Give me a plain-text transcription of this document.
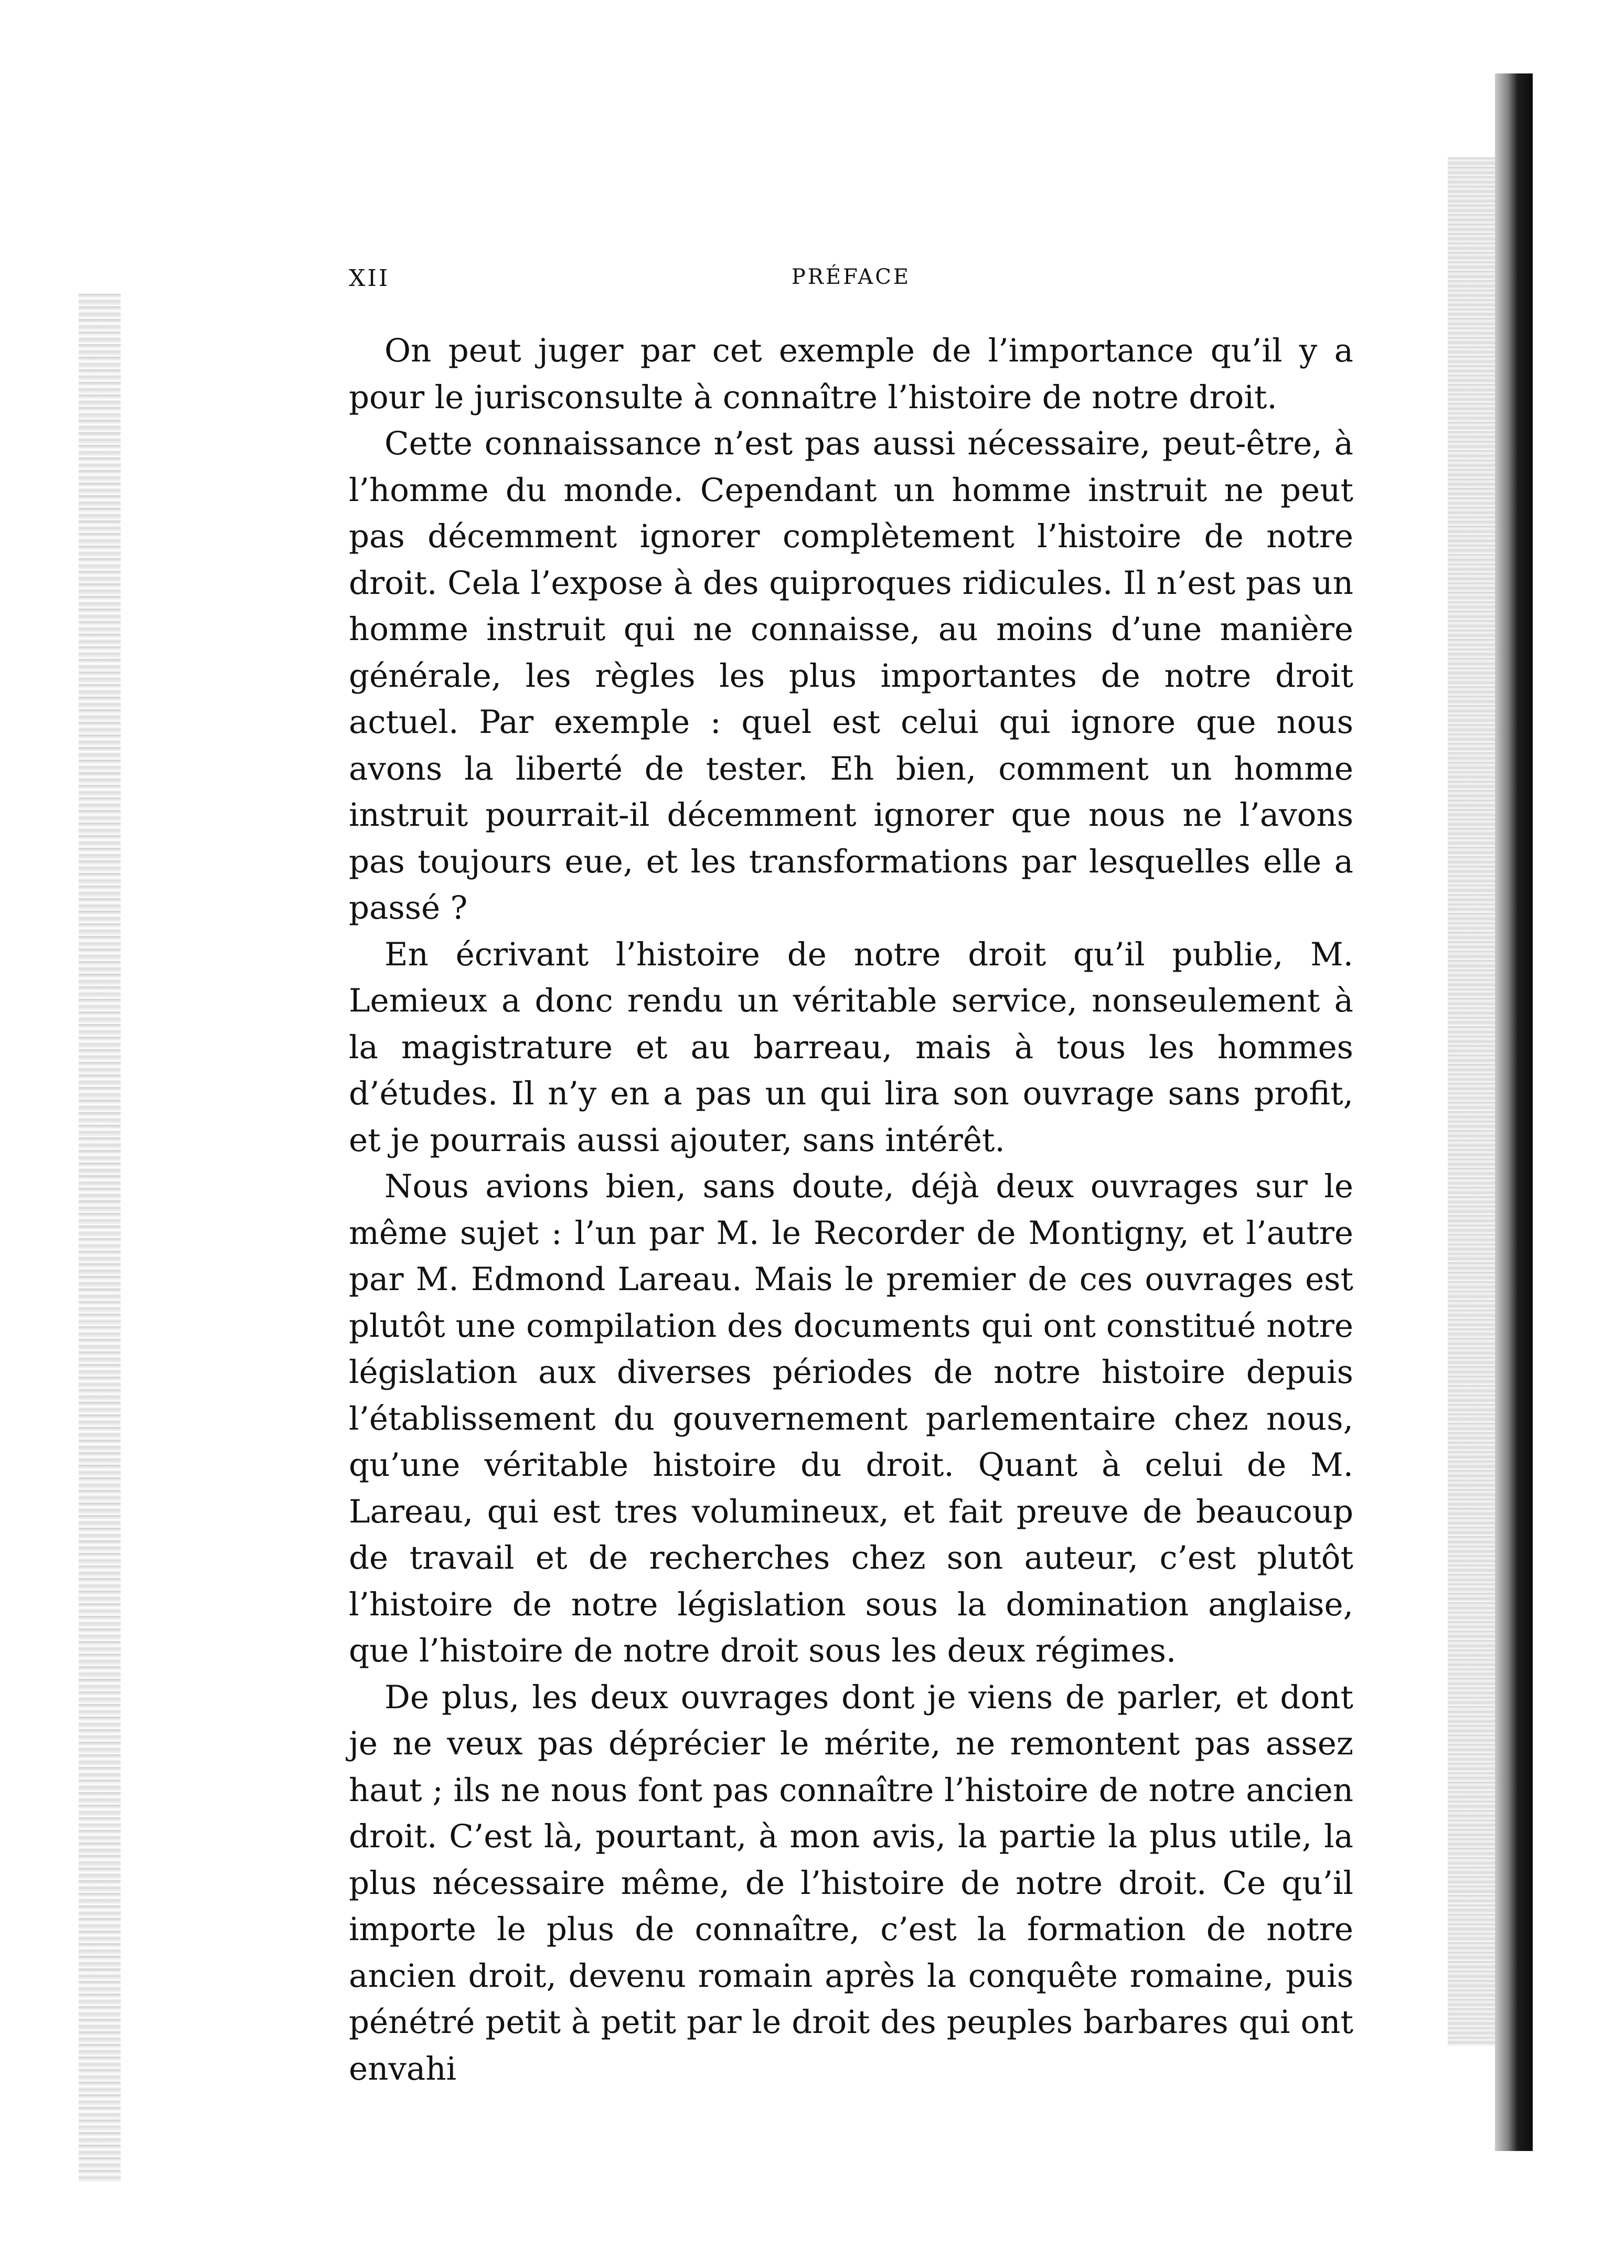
XII	PRÉFACE

On peut juger par cet exemple de l’importance qu’il y a pour le jurisconsulte à connaître l’histoire de notre droit.

Cette connaissance n’est pas aussi nécessaire, peut-être, à l’homme du monde. Cependant un homme instruit ne peut pas décemment ignorer complètement l’histoire de notre droit. Cela l’expose à des quiproques ridicules. Il n’est pas un homme instruit qui ne connaisse, au moins d’une manière générale, les règles les plus importantes de notre droit actuel. Par exemple : quel est celui qui ignore que nous avons la liberté de tester. Eh bien, comment un homme instruit pourrait-il décemment ignorer que nous ne l’avons pas toujours eue, et les transformations par lesquelles elle a passé ?

En écrivant l’histoire de notre droit qu’il publie, M. Lemieux a donc rendu un véritable service, nonseulement à la magistrature et au barreau, mais à tous les hommes d’études. Il n’y en a pas un qui lira son ouvrage sans profit, et je pourrais aussi ajouter, sans intérêt.

Nous avions bien, sans doute, déjà deux ouvrages sur le même sujet : l’un par M. le Recorder de Montigny, et l’autre par M. Edmond Lareau. Mais le premier de ces ouvrages est plutôt une compilation des documents qui ont constitué notre législation aux diverses périodes de notre histoire depuis l’établissement du gouvernement parlementaire chez nous, qu’une véritable histoire du droit. Quant à celui de M. Lareau, qui est tres volumineux, et fait preuve de beaucoup de travail et de recherches chez son auteur, c’est plutôt l’histoire de notre législation sous la domination anglaise, que l’histoire de notre droit sous les deux régimes.

De plus, les deux ouvrages dont je viens de parler, et dont je ne veux pas déprécier le mérite, ne remontent pas assez haut ; ils ne nous font pas connaître l’histoire de notre ancien droit. C’est là, pourtant, à mon avis, la partie la plus utile, la plus nécessaire même, de l’histoire de notre droit. Ce qu’il importe le plus de connaître, c’est la formation de notre ancien droit, devenu romain après la conquête romaine, puis pénétré petit à petit par le droit des peuples barbares qui ont envahi
